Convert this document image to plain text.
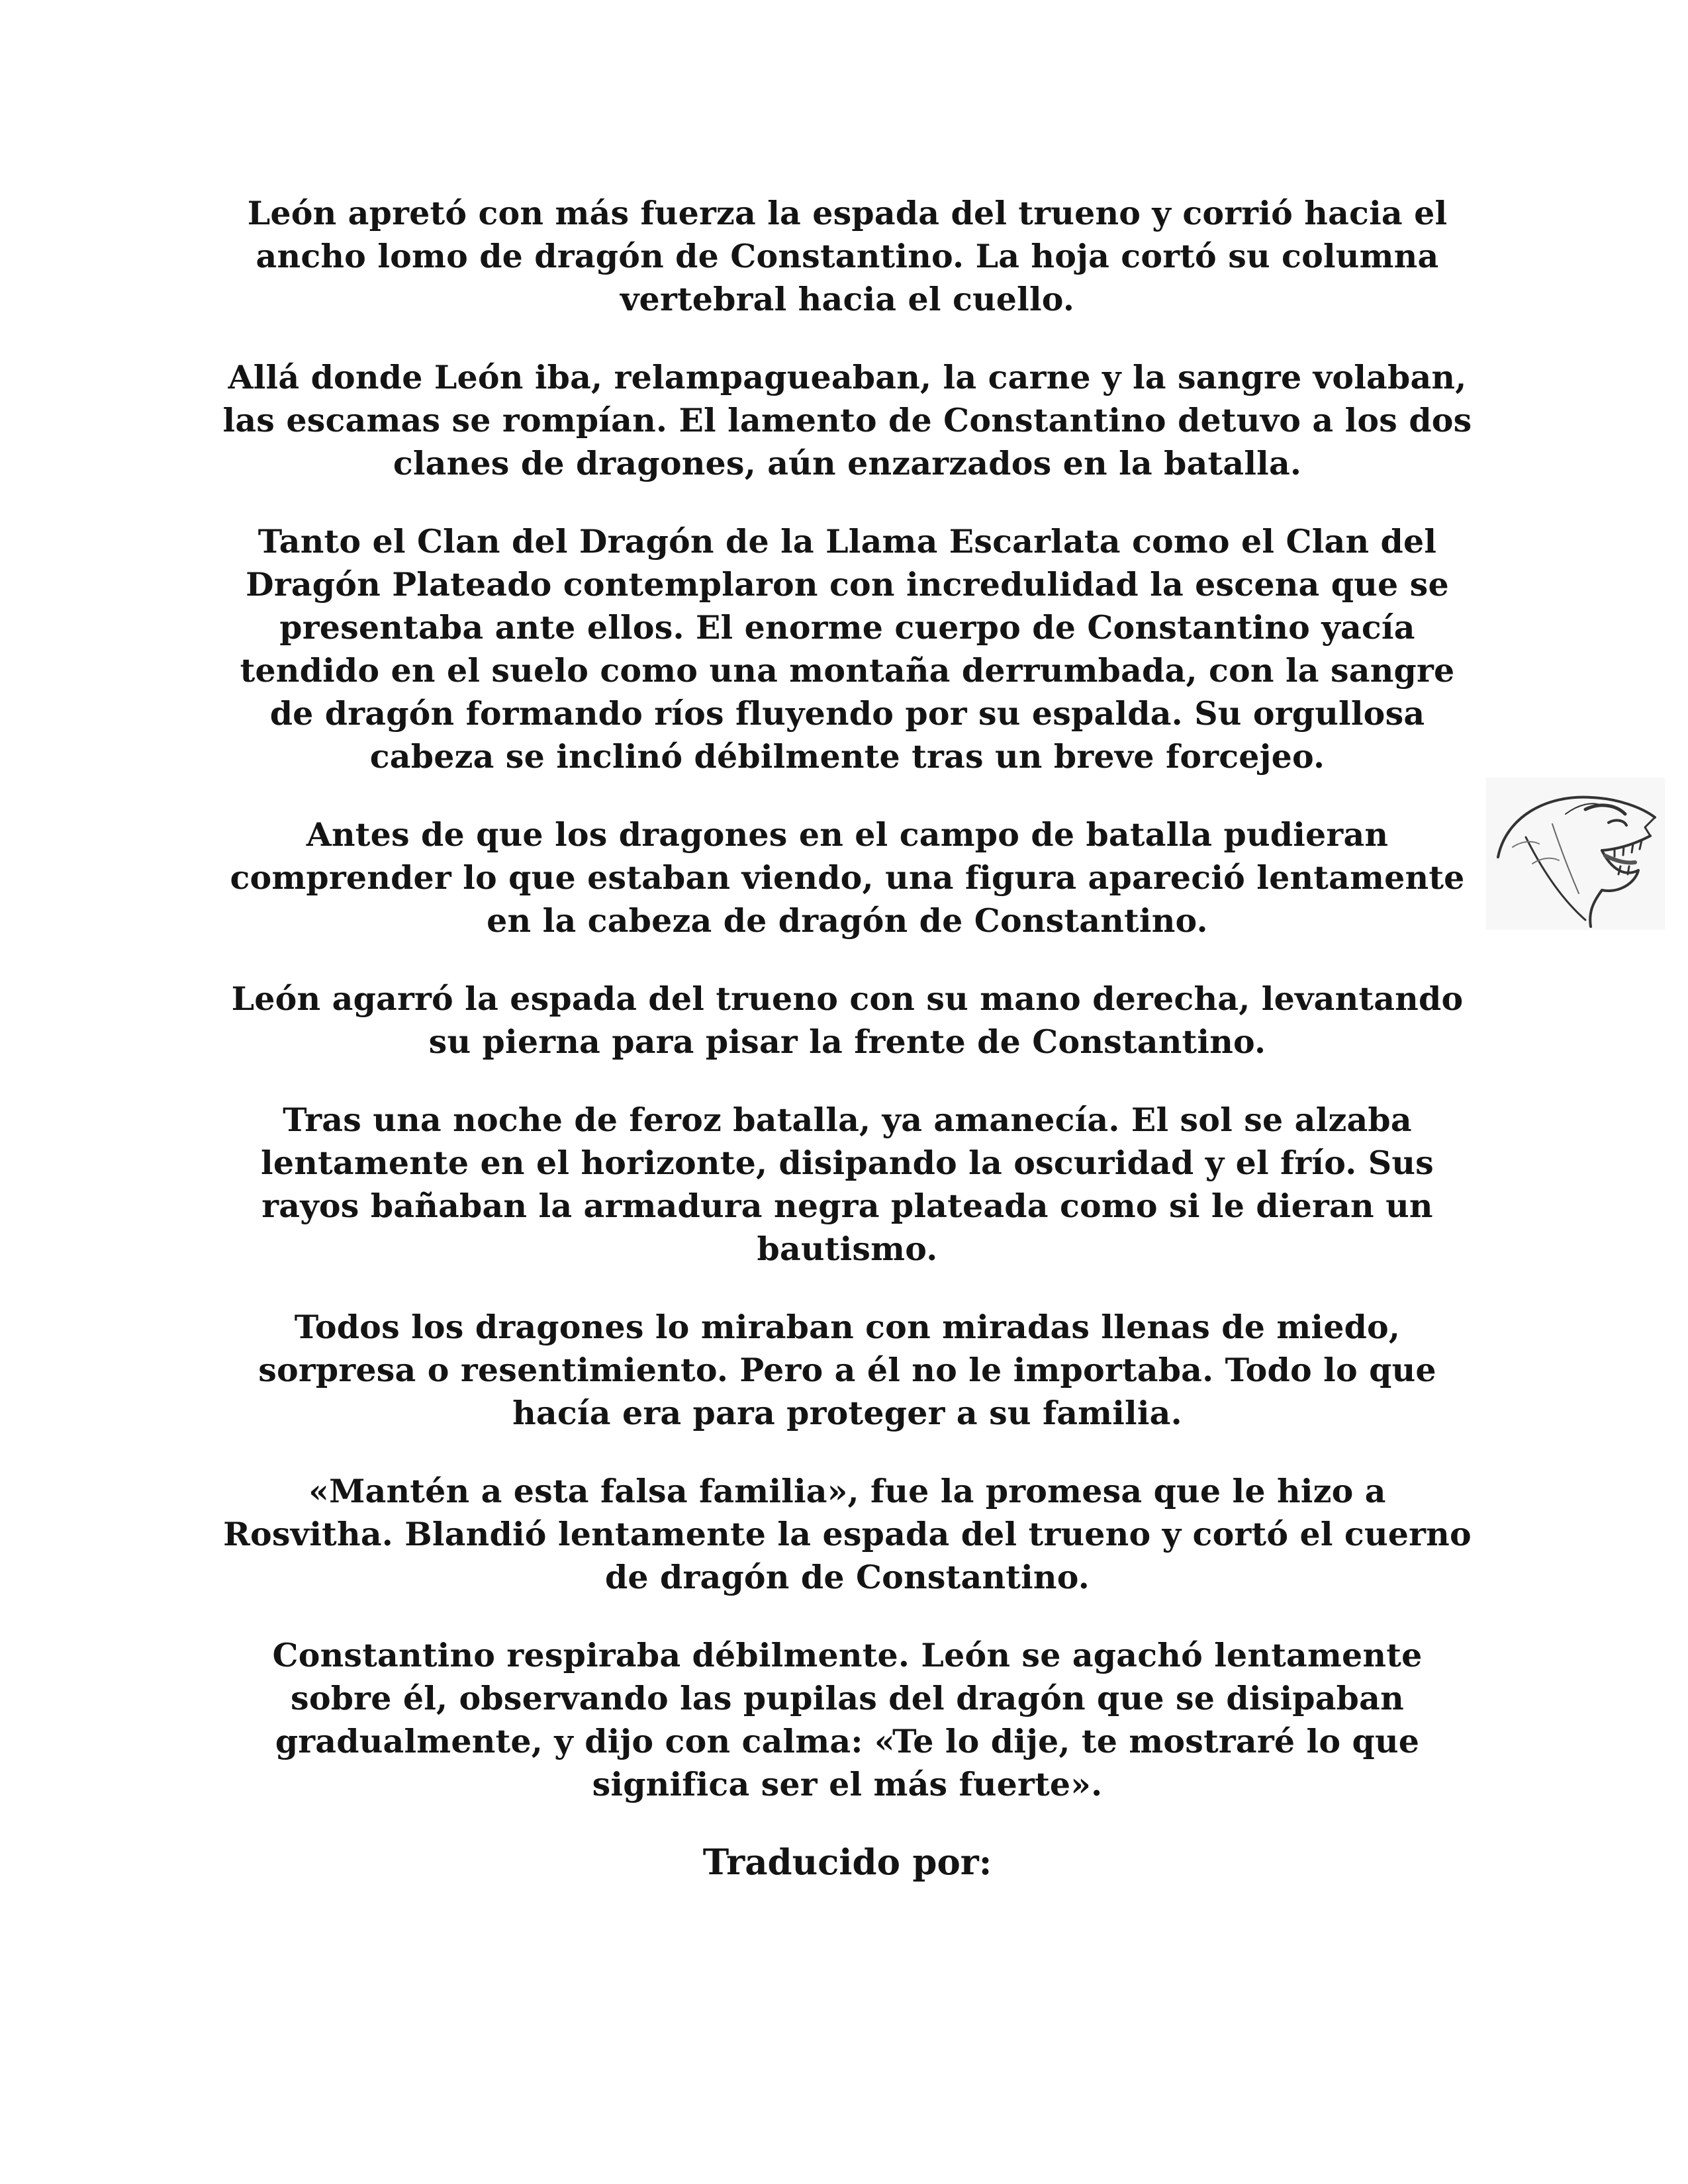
León apretó con más fuerza la espada del trueno y corrió hacia el ancho lomo de dragón de Constantino. La hoja cortó su columna vertebral hacia el cuello.

Allá donde León iba, relampagueaban, la carne y la sangre volaban, las escamas se rompían. El lamento de Constantino detuvo a los dos clanes de dragones, aún enzarzados en la batalla.

Tanto el Clan del Dragón de la Llama Escarlata como el Clan del Dragón Plateado contemplaron con incredulidad la escena que se presentaba ante ellos. El enorme cuerpo de Constantino yacía tendido en el suelo como una montaña derrumbada, con la sangre de dragón formando ríos fluyendo por su espalda. Su orgullosa cabeza se inclinó débilmente tras un breve forcejeo.

Antes de que los dragones en el campo de batalla pudieran comprender lo que estaban viendo, una figura apareció lentamente en la cabeza de dragón de Constantino.

León agarró la espada del trueno con su mano derecha, levantando su pierna para pisar la frente de Constantino.

Tras una noche de feroz batalla, ya amanecía. El sol se alzaba lentamente en el horizonte, disipando la oscuridad y el frío. Sus rayos bañaban la armadura negra plateada como si le dieran un bautismo.

Todos los dragones lo miraban con miradas llenas de miedo, sorpresa o resentimiento. Pero a él no le importaba. Todo lo que hacía era para proteger a su familia.

«Mantén a esta falsa familia», fue la promesa que le hizo a Rosvitha. Blandió lentamente la espada del trueno y cortó el cuerno de dragón de Constantino.

Constantino respiraba débilmente. León se agachó lentamente sobre él, observando las pupilas del dragón que se disipaban gradualmente, y dijo con calma: «Te lo dije, te mostraré lo que significa ser el más fuerte».

Traducido por:
